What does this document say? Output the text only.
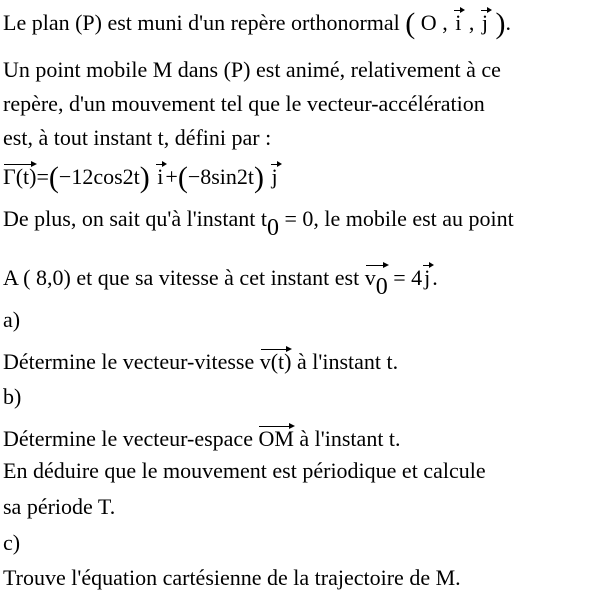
Le plan (P) est muni d'un repère orthonormal ( O , i , j ).
Un point mobile M dans (P) est animé, relativement à ce
repère, d'un mouvement tel que le vecteur-accélération
est, à tout instant t, défini par :
Γ(t)=(−12cos2t) i+(−8sin2t) j
De plus, on sait qu'à l'instant t0 = 0, le mobile est au point
A ( 8,0) et que sa vitesse à cet instant est v0 = 4j.
a)
Détermine le vecteur-vitesse v(t) à l'instant t.
b)
Détermine le vecteur-espace OM à l'instant t.
En déduire que le mouvement est périodique et calcule
sa période T.
c)
Trouve l'équation cartésienne de la trajectoire de M.
